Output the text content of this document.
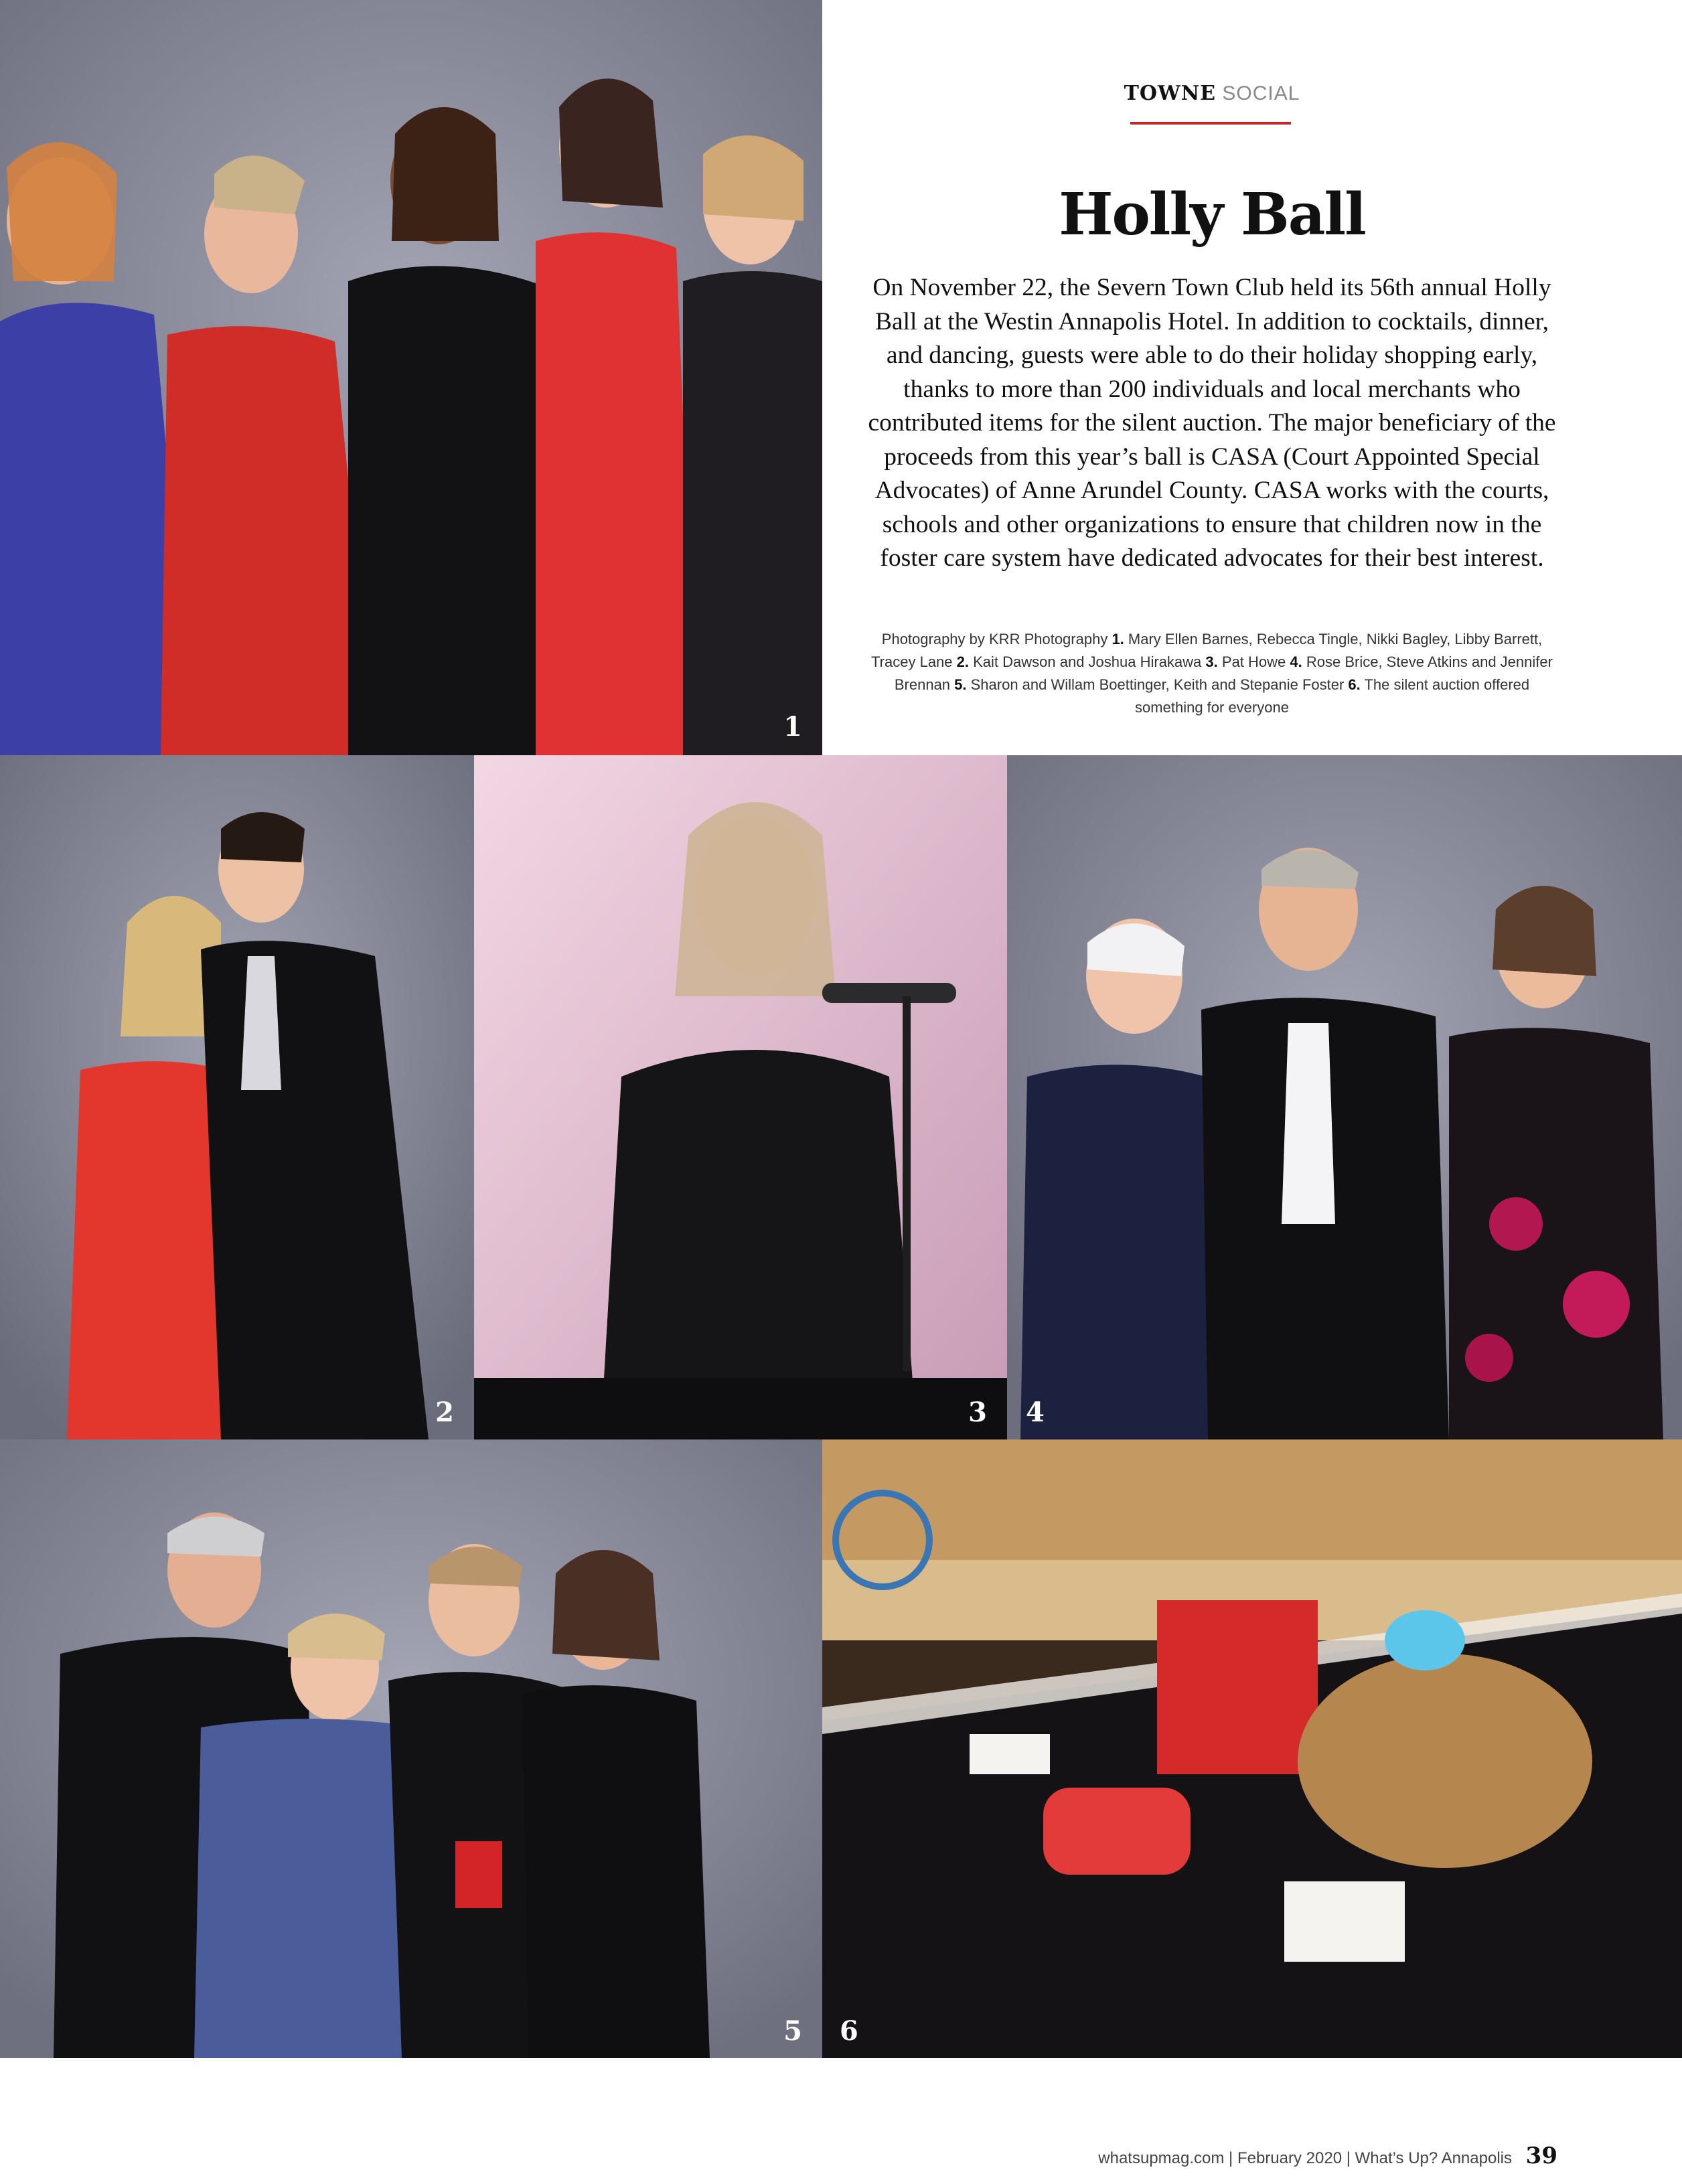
1
2	3 4
5 6
TOWNE SOCIAL
Holly Ball

On November 22, the Severn Town Club held its 56th annual Holly Ball at the Westin Annapolis Hotel. In addition to cocktails, dinner, and dancing, guests were able to do their holiday shopping early, thanks to more than 200 individuals and local merchants who contributed items for the silent auction. The major beneficiary of the proceeds from this year’s ball is CASA (Court Appointed Special Advocates) of Anne Arundel County. CASA works with the courts, schools and other organizations to ensure that children now in the foster care system have dedicated advocates for their best interest.

Photography by KRR Photography 1. Mary Ellen Barnes, Rebecca Tingle, Nikki Bagley, Libby Barrett, Tracey Lane 2. Kait Dawson and Joshua Hirakawa 3. Pat Howe 4. Rose Brice, Steve Atkins and Jennifer Brennan 5. Sharon and Willam Boettinger, Keith and Stepanie Foster 6. The silent auction offered something for everyone

whatsupmag.com | February 2020 | What’s Up? Annapolis 39
